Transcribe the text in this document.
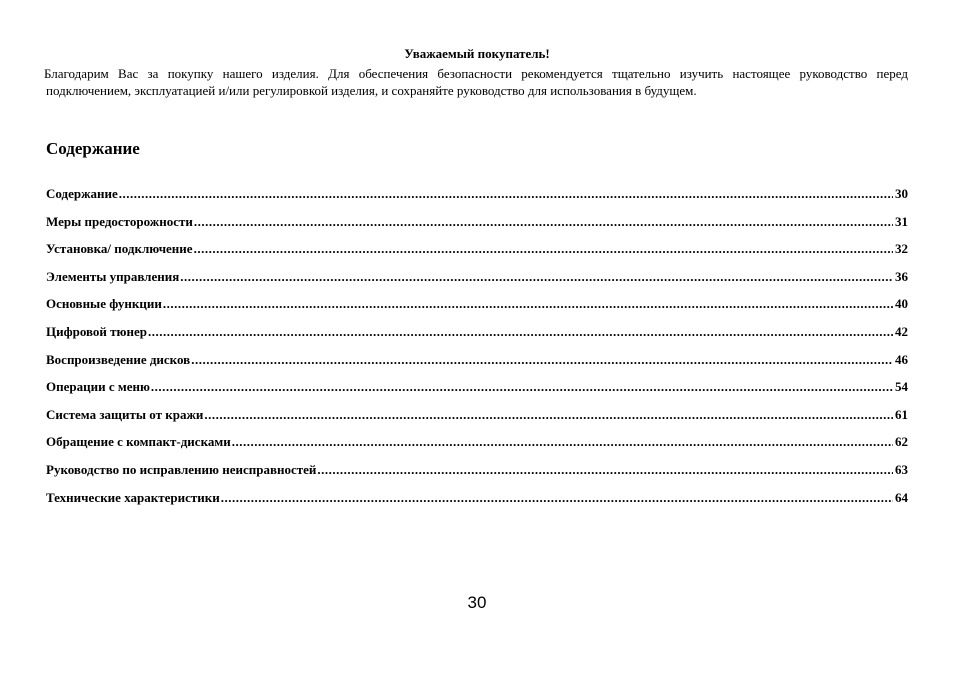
Уважаемый покупатель!
Благодарим Вас за покупку нашего изделия. Для обеспечения безопасности рекомендуется тщательно изучить настоящее руководство перед подключением, эксплуатацией и/или регулировкой изделия, и сохраняйте руководство для использования в будущем.
Содержание
Содержание .....	30
Меры предосторожности .....	31
Установка/ подключение .....	32
Элементы управления .....	36
Основные функции .....	40
Цифровой тюнер .....	42
Воспроизведение дисков .....	46
Операции с меню .....	54
Система защиты от кражи .....	61
Обращение с компакт-дисками .....	62
Руководство по исправлению неисправностей .....	63
Технические характеристики .....	64
30
